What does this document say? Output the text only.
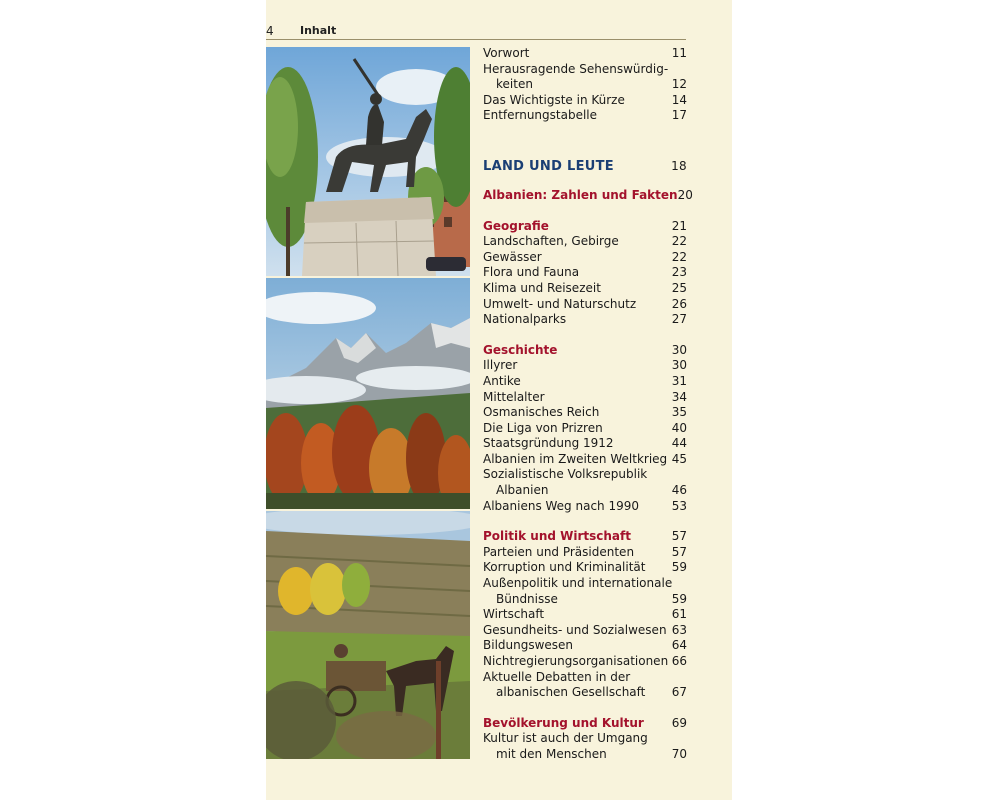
4 Inhalt
Vorwort	11
Herausragende Sehenswürdig-
keiten	12
Das Wichtigste in Kürze	14
Entfernungstabelle	17
LAND UND LEUTE	18
Albanien: Zahlen und Fakten 20
Geografie	21
Landschaften, Gebirge	22
Gewässer	22
Flora und Fauna	23
Klima und Reisezeit	25
Umwelt- und Naturschutz	26
Nationalparks	27
Geschichte	30
Illyrer	30
Antike	31
Mittelalter	34
Osmanisches Reich	35
Die Liga von Prizren	40
Staatsgründung 1912	44
Albanien im Zweiten Weltkrieg 45
Sozialistische Volksrepublik
Albanien	46
Albaniens Weg nach 1990	53
Politik und Wirtschaft	57
Parteien und Präsidenten	57
Korruption und Kriminalität 59
Außenpolitik und internationale
Bündnisse	59
Wirtschaft	61
Gesundheits- und Sozialwesen 63
Bildungswesen	64
Nichtregierungsorganisationen 66
Aktuelle Debatten in der
albanischen Gesellschaft 67
Bevölkerung und Kultur 69
Kultur ist auch der Umgang
mit den Menschen	70
